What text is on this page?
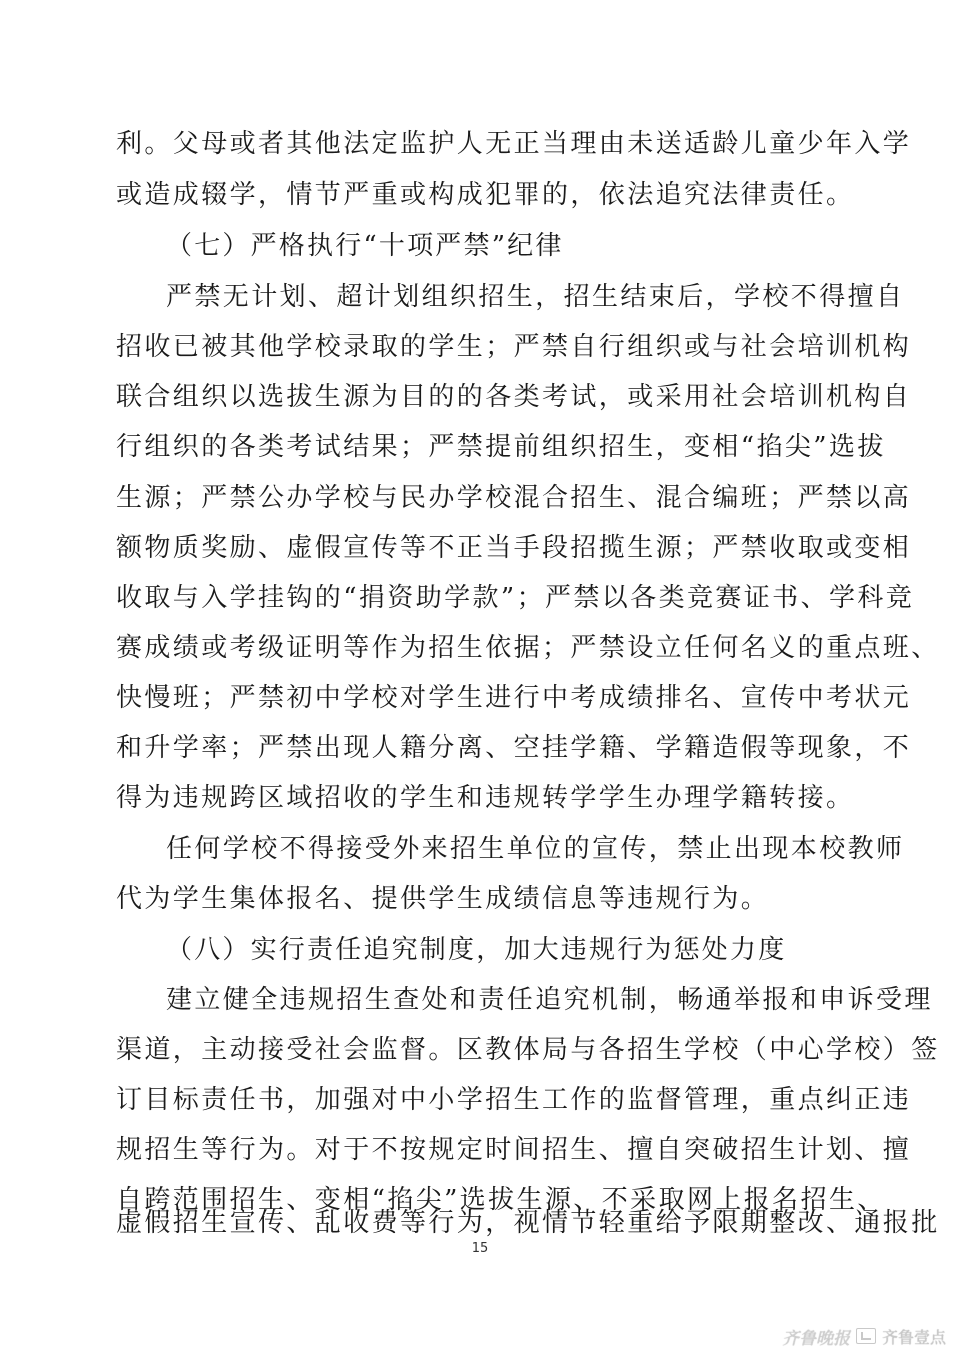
利。父母或者其他法定监护人无正当理由未送适龄儿童少年入学
或造成辍学，情节严重或构成犯罪的，依法追究法律责任。
（七）严格执行“十项严禁”纪律
严禁无计划、超计划组织招生，招生结束后，学校不得擅自
招收已被其他学校录取的学生；严禁自行组织或与社会培训机构
联合组织以选拔生源为目的的各类考试，或采用社会培训机构自
行组织的各类考试结果；严禁提前组织招生，变相“掐尖”选拔
生源；严禁公办学校与民办学校混合招生、混合编班；严禁以高
额物质奖励、虚假宣传等不正当手段招揽生源；严禁收取或变相
收取与入学挂钩的“捐资助学款”；严禁以各类竞赛证书、学科竞
赛成绩或考级证明等作为招生依据；严禁设立任何名义的重点班、
快慢班；严禁初中学校对学生进行中考成绩排名、宣传中考状元
和升学率；严禁出现人籍分离、空挂学籍、学籍造假等现象，不
得为违规跨区域招收的学生和违规转学学生办理学籍转接。
任何学校不得接受外来招生单位的宣传，禁止出现本校教师
代为学生集体报名、提供学生成绩信息等违规行为。
（八）实行责任追究制度，加大违规行为惩处力度
建立健全违规招生查处和责任追究机制，畅通举报和申诉受理
渠道，主动接受社会监督。区教体局与各招生学校（中心学校）签
订目标责任书，加强对中小学招生工作的监督管理，重点纠正违
规招生等行为。对于不按规定时间招生、擅自突破招生计划、擅
自跨范围招生、变相“掐尖”选拔生源、不采取网上报名招生、
虚假招生宣传、乱收费等行为，视情节轻重给予限期整改、通报批
15
齐鲁晚报 齐鲁壹点
